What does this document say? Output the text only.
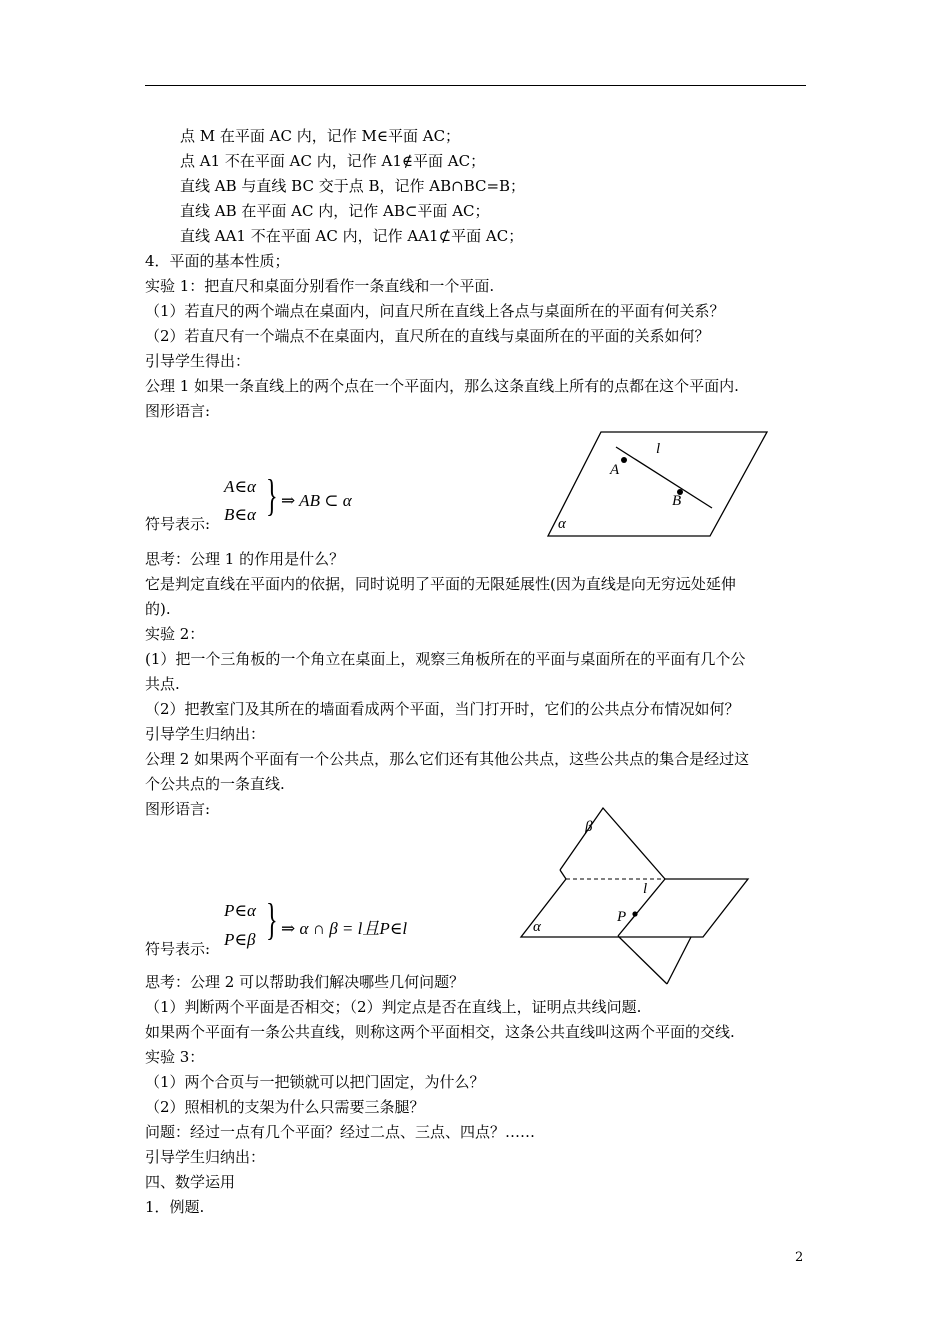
点 M 在平面 AC 内，记作 M∈平面 AC；
点 A1 不在平面 AC 内，记作 A1∉平面 AC；
直线 AB 与直线 BC 交于点 B，记作 AB∩BC=B；
直线 AB 在平面 AC 内，记作 AB⊂平面 AC；
直线 AA1 不在平面 AC 内，记作 AA1⊄平面 AC；
4．平面的基本性质；
实验 1：把直尺和桌面分别看作一条直线和一个平面.
（1）若直尺的两个端点在桌面内，问直尺所在直线上各点与桌面所在的平面有何关系？
（2）若直尺有一个端点不在桌面内，直尺所在的直线与桌面所在的平面的关系如何？
引导学生得出：
公理 1 如果一条直线上的两个点在一个平面内，那么这条直线上所有的点都在这个平面内.
图形语言:
符号表示:
A∈α
B∈α } ⇒ AB ⊂ α
l
A
B
α
思考：公理 1 的作用是什么？
它是判定直线在平面内的依据，同时说明了平面的无限延展性(因为直线是向无穷远处延伸
的).
实验 2：
(1）把一个三角板的一个角立在桌面上，观察三角板所在的平面与桌面所在的平面有几个公
共点.
（2）把教室门及其所在的墙面看成两个平面，当门打开时，它们的公共点分布情况如何？
引导学生归纳出：
公理 2 如果两个平面有一个公共点，那么它们还有其他公共点，这些公共点的集合是经过这
个公共点的一条直线.
图形语言:
符号表示:
P∈α
P∈β } ⇒ α ∩ β = l且P∈l
β
l
P
α
思考：公理 2 可以帮助我们解决哪些几何问题？
（1）判断两个平面是否相交；（2）判定点是否在直线上，证明点共线问题.
如果两个平面有一条公共直线，则称这两个平面相交，这条公共直线叫这两个平面的交线.
实验 3：
（1）两个合页与一把锁就可以把门固定，为什么？
（2）照相机的支架为什么只需要三条腿？
问题：经过一点有几个平面？经过二点、三点、四点？……
引导学生归纳出：
四、数学运用
1．例题.
2
